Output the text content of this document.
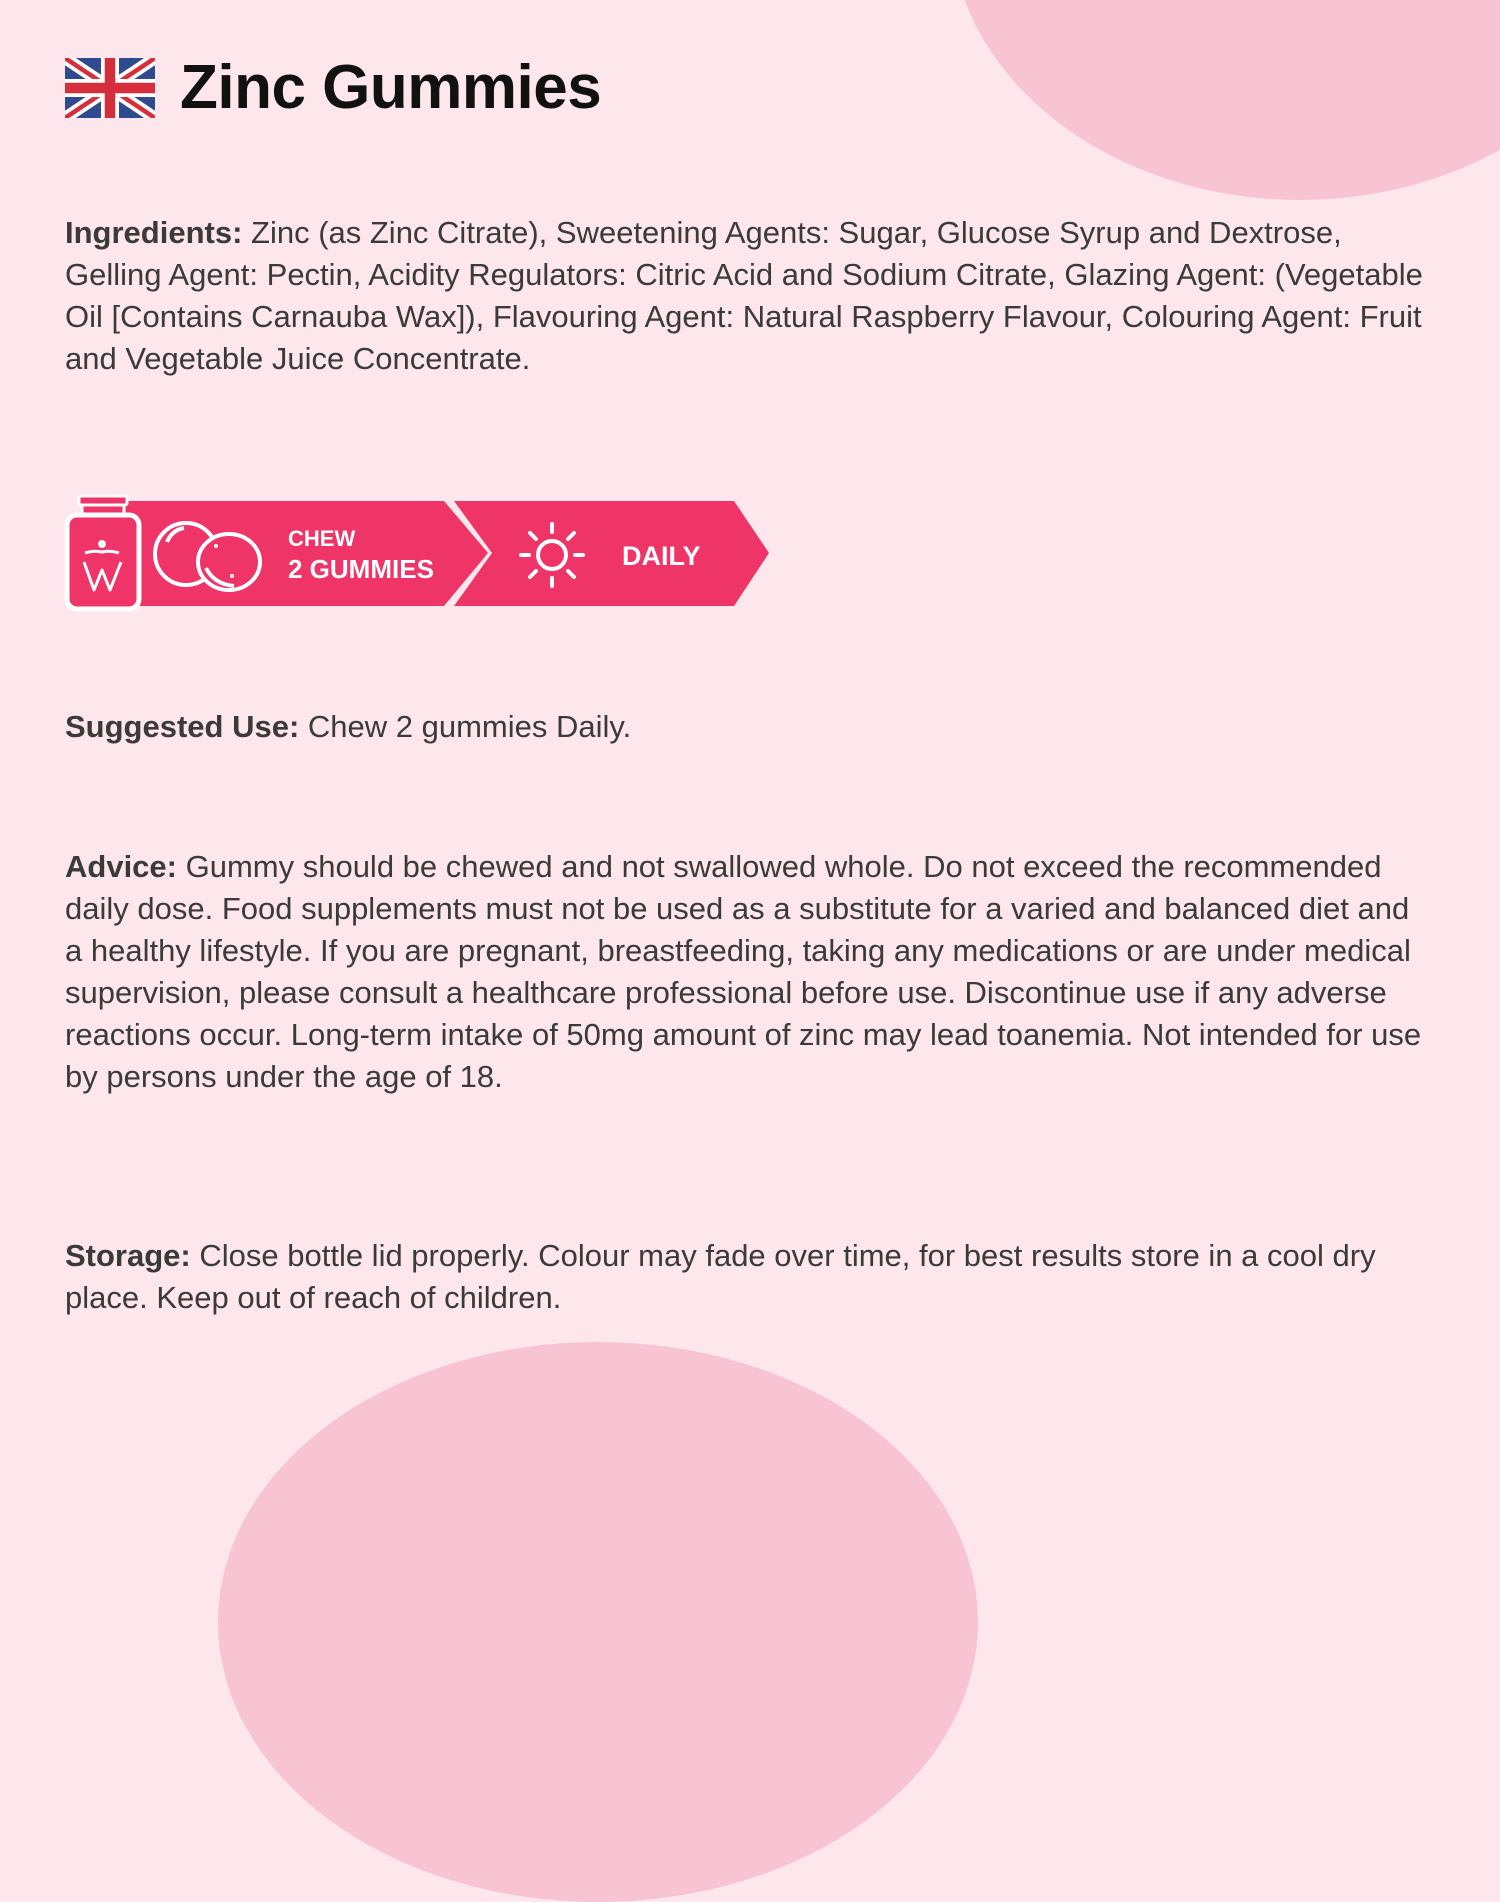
Zinc Gummies

Ingredients: Zinc (as Zinc Citrate), Sweetening Agents: Sugar, Glucose Syrup and Dextrose, Gelling Agent: Pectin, Acidity Regulators: Citric Acid and Sodium Citrate, Glazing Agent: (Vegetable Oil [Contains Carnauba Wax]), Flavouring Agent: Natural Raspberry Flavour, Colouring Agent: Fruit and Vegetable Juice Concentrate.

CHEW
2 GUMMIES	DAILY

Suggested Use: Chew 2 gummies Daily.

Advice: Gummy should be chewed and not swallowed whole. Do not exceed the recommended daily dose. Food supplements must not be used as a substitute for a varied and balanced diet and a healthy lifestyle. If you are pregnant, breastfeeding, taking any medications or are under medical supervision, please consult a healthcare professional before use. Discontinue use if any adverse reactions occur. Long-term intake of 50mg amount of zinc may lead toanemia. Not intended for use by persons under the age of 18.

Storage: Close bottle lid properly. Colour may fade over time, for best results store in a cool dry place. Keep out of reach of children.
